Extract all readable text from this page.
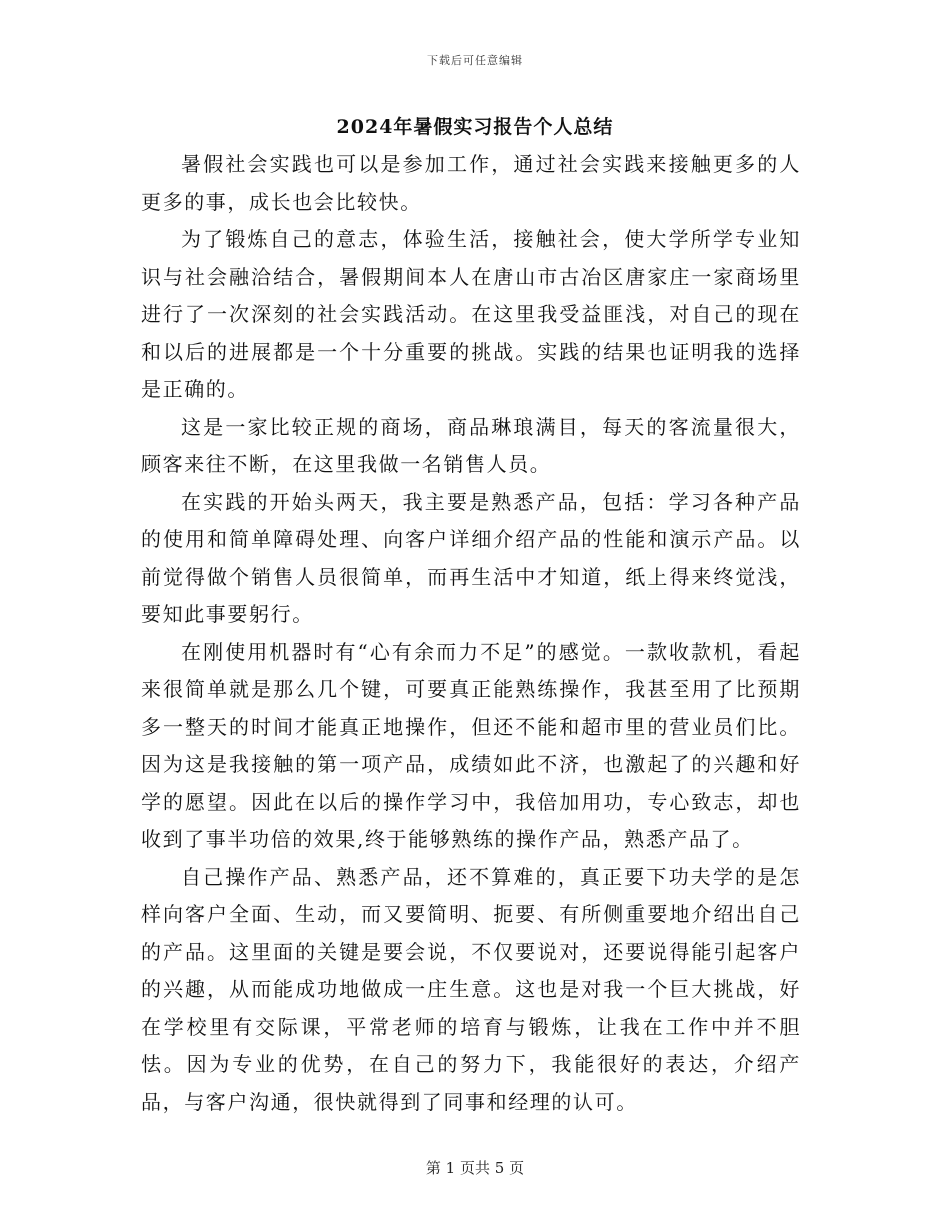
下载后可任意编辑
2024年暑假实习报告个人总结

暑假社会实践也可以是参加工作，通过社会实践来接触更多的人更多的事，成长也会比较快。

为了锻炼自己的意志，体验生活，接触社会，使大学所学专业知识与社会融洽结合，暑假期间本人在唐山市古冶区唐家庄一家商场里进行了一次深刻的社会实践活动。在这里我受益匪浅，对自己的现在和以后的进展都是一个十分重要的挑战。实践的结果也证明我的选择是正确的。

这是一家比较正规的商场，商品琳琅满目，每天的客流量很大，顾客来往不断，在这里我做一名销售人员。

在实践的开始头两天，我主要是熟悉产品，包括：学习各种产品的使用和简单障碍处理、向客户详细介绍产品的性能和演示产品。以前觉得做个销售人员很简单，而再生活中才知道，纸上得来终觉浅，要知此事要躬行。

在刚使用机器时有“心有余而力不足”的感觉。一款收款机，看起来很简单就是那么几个键，可要真正能熟练操作，我甚至用了比预期多一整天的时间才能真正地操作，但还不能和超市里的营业员们比。因为这是我接触的第一项产品，成绩如此不济，也激起了的兴趣和好学的愿望。因此在以后的操作学习中，我倍加用功，专心致志，却也收到了事半功倍的效果,终于能够熟练的操作产品，熟悉产品了。

自己操作产品、熟悉产品，还不算难的，真正要下功夫学的是怎样向客户全面、生动，而又要简明、扼要、有所侧重要地介绍出自己的产品。这里面的关键是要会说，不仅要说对，还要说得能引起客户的兴趣，从而能成功地做成一庄生意。这也是对我一个巨大挑战，好在学校里有交际课，平常老师的培育与锻炼，让我在工作中并不胆怯。因为专业的优势，在自己的努力下，我能很好的表达，介绍产品，与客户沟通，很快就得到了同事和经理的认可。

第 1 页共 5 页
